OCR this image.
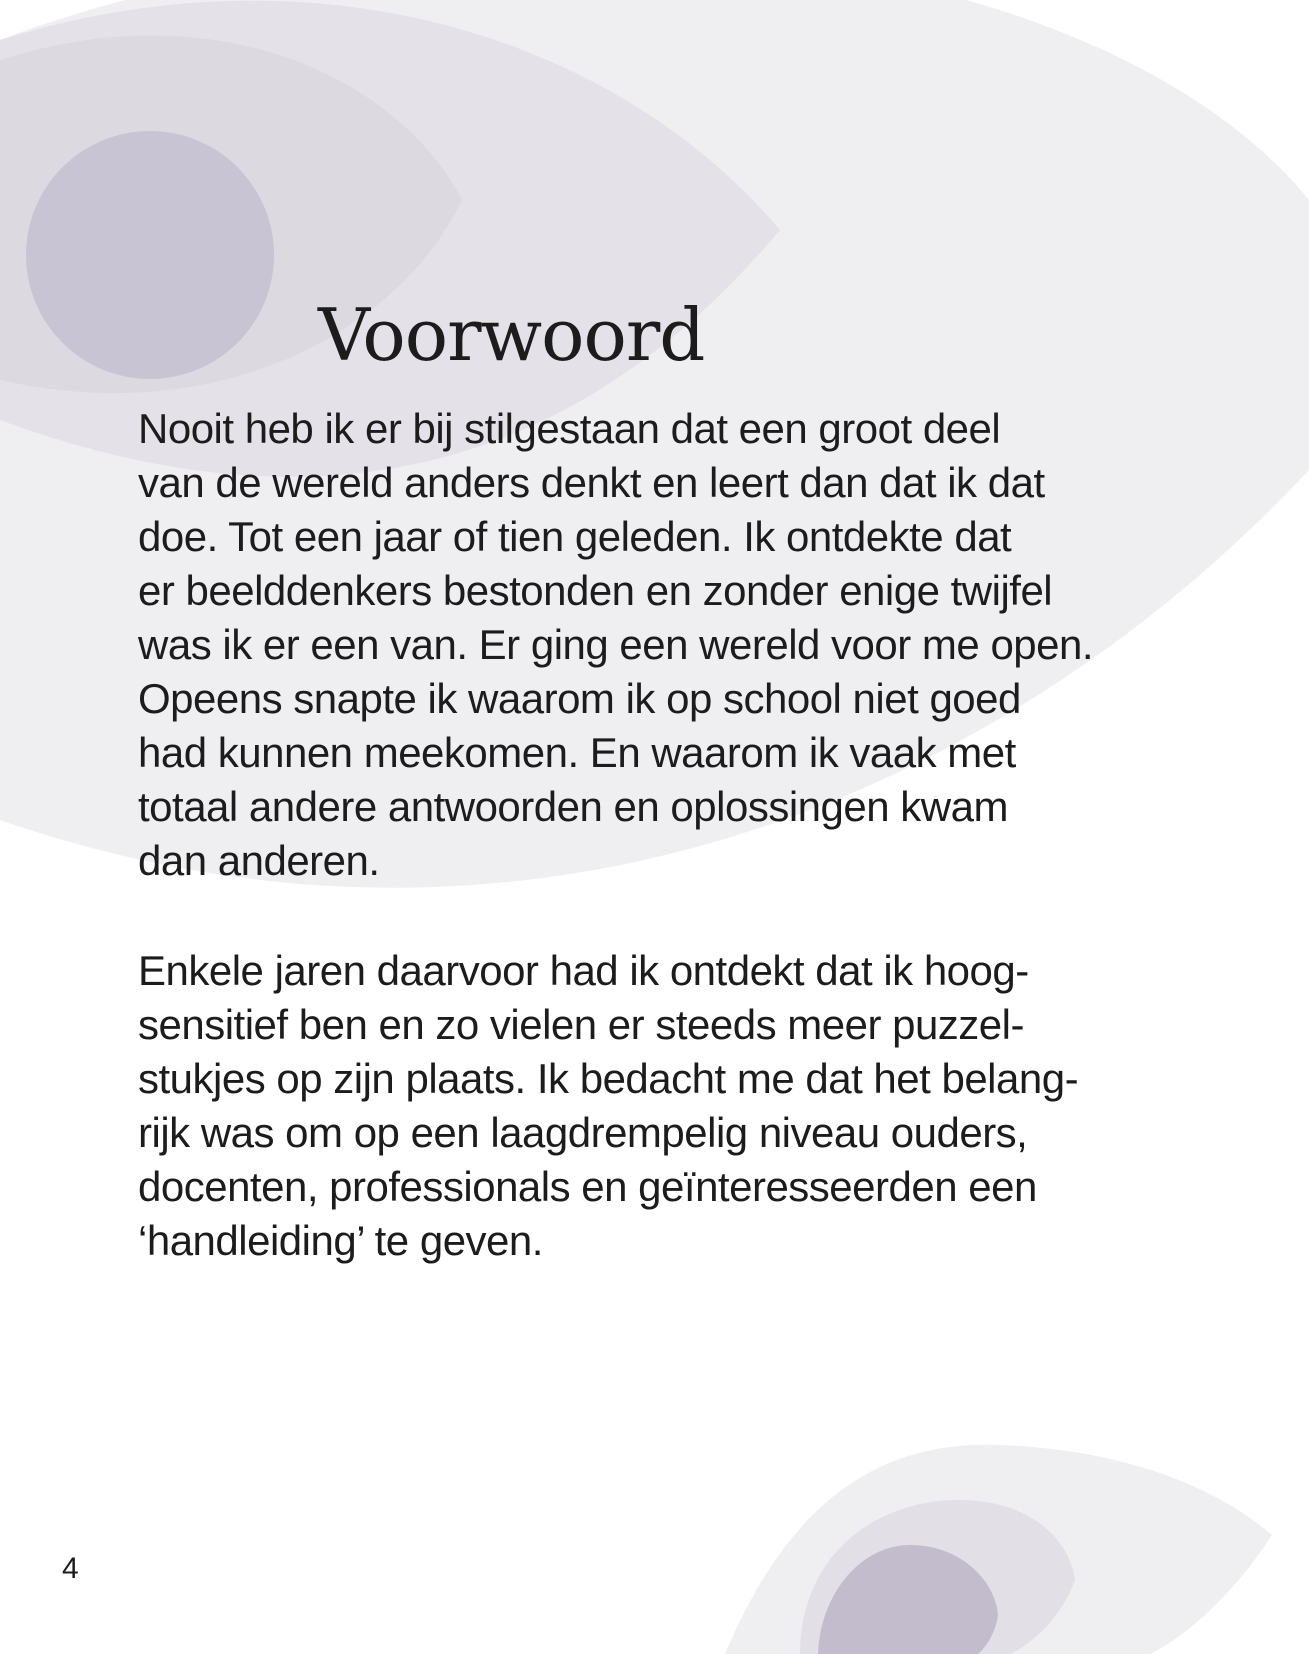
Voorwoord

Nooit heb ik er bij stilgestaan dat een groot deel
van de wereld anders denkt en leert dan dat ik dat
doe. Tot een jaar of tien geleden. Ik ontdekte dat
er beelddenkers bestonden en zonder enige twijfel
was ik er een van. Er ging een wereld voor me open.
Opeens snapte ik waarom ik op school niet goed
had kunnen meekomen. En waarom ik vaak met
totaal andere antwoorden en oplossingen kwam
dan anderen.

Enkele jaren daarvoor had ik ontdekt dat ik hoog-
sensitief ben en zo vielen er steeds meer puzzel-
stukjes op zijn plaats. Ik bedacht me dat het belang-
rijk was om op een laagdrempelig niveau ouders,
docenten, professionals en geïnteresseerden een
‘handleiding’ te geven.

4
